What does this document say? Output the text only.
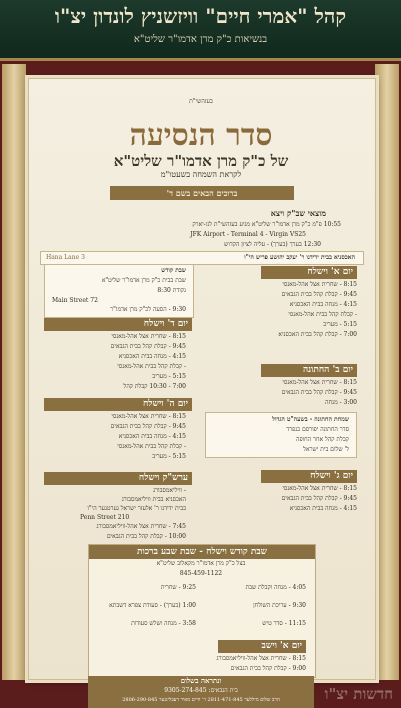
קהל "אמרי חיים" וויזשניץ לונדון יצ"ו
בנשיאות כ"ק מרן אדמו"ר שליט"א
בעזהשי"ת
סדר הנסיעה
של כ"ק מרן אדמו"ר שליט"א
לקראת השמחה בשעטו"מ
ברוכים הבאים בשם ד'
מוצאי שב"ק ויצא
10:55 פ"מ כ"ק מרן אדמו"ר שליט"א מגיע בעזהשי"ת לנו-יארק
JFK Airport - Terminal 4 - Virgin VS25
12:30 בערך (בערך) - עליה לציון הקדוש
האכסניא בבית ידידנו ר' יעקב יהושע פריש הי"ו
3 Hana Lane
יום א' וישלח
8:15 - שחרית אצל אהל-מאנסי
9:45 - קבלת קהל בבית הגבאים
4:15 - מנחה בבית האכסניא
- קבלת קהל בבית אהל-מאנסי
5:15 - מעריב
7:00 - קבלת קהל בבית האכסניא
יום ב' החתונה
8:15 - שחרית אצל אהל-מאנסי
9:45 - קבלת קהל בבית הגבאים
3:00 - מנחה
שמחת החתונה - בשעה"ט הגדול
סדר החתונה יפורסם בנפרד
קבלת קהל אחר החופה
ל' שלום בית ישראל
יום ג' וישלח
8:15 - שחרית אצל אהל-מאנסי
9:45 - קבלת קהל בבית הגבאים
4:15 - מנחה בבית האכסניא
שבת קודש
שבת בבית כ"ק מרן אדמו"ר שליט"א
נקודת 8:30
72 Main Street
9:30 - הסעה לכ"ק מרן אדמו"ר
יום ד' וישלח
8:15 - שחרית אצל אהל-מאנסי
9:45 - קבלת קהל בבית הגבאים
4:15 - מנחה בבית האכסניא
- קבלת קהל בבית אהל-מאנסי
5:15 - מעריב
7:00 - 10:30 קבלת קהל
יום ה' וישלח
8:15 - שחרית אצל אהל-מאנסי
9:45 - קבלת קהל בבית הגבאים
4:15 - מנחה בבית האכסניא
- קבלת קהל בבית אהל-מאנסי
5:15 - מעריב
ערש"ק וישלח
- וויליאמסבורג
האכסניא בבית וויליאמסבורג
בבית ידידנו ר' אלעזר ישראל גערטנער הי"ו
210 Penn Street
7:45 - שחרית אצל אהל-וויליאמסבורג
10:00 - קבלת קהל בבית הגבאים
שבת קודש וישלח - שבת שבע ברכות
בצל כ"ק מרן אדמו"ר מקאלוב שליט"א
845-459-1122
4:05 - מנחה וקבלת שבת
9:30 - עריכת השולחן
11:15 - סדר טיש
9:25 - שחרית
1:00 (בערך) - סעודת צפרא דשבתא
3:58 - מנחה ושלש סעודות
יום א' וישב
8:15 - שחרית אצל אהל-וויליאמסבורג
9:00 - קבלת קהל בבית הגבאים
ונתראה בשלום
בית הגבאים: 9305-274-845
הרב שלום מיללער 2811-471-845 ר' חיים מאיר דעבלינגער 2806-290-845	חדשות יצ"ו
